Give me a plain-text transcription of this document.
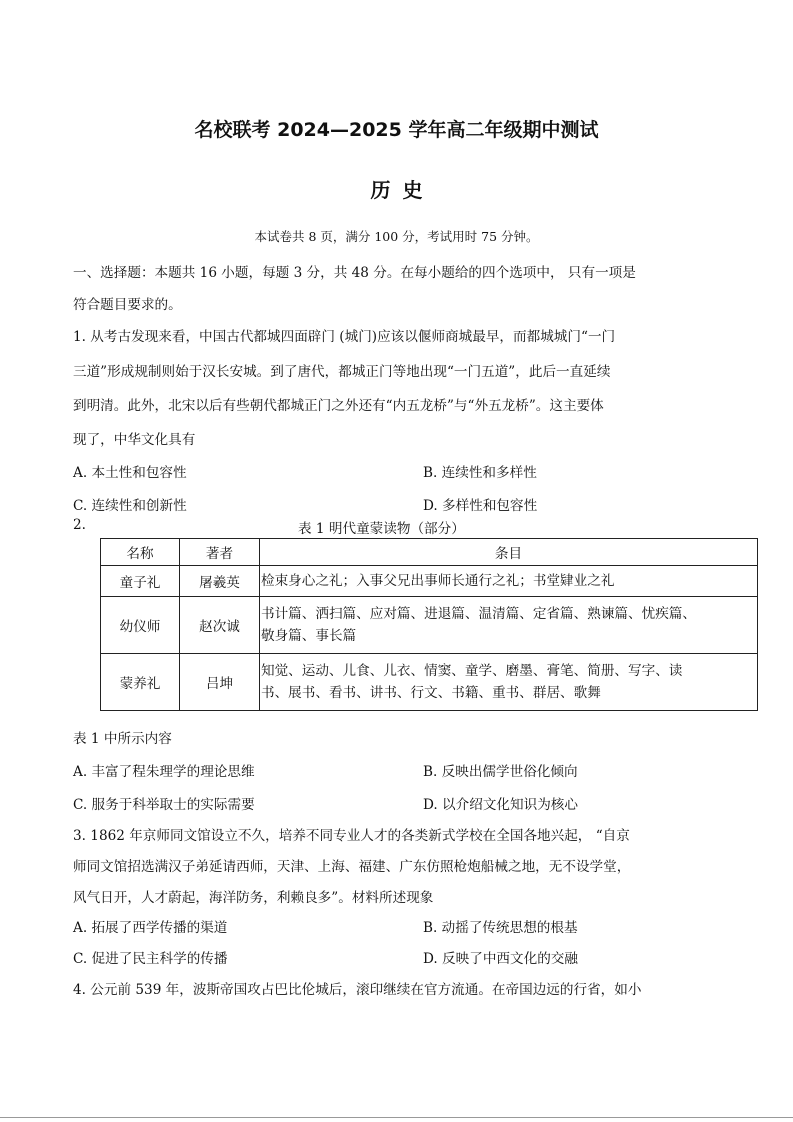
名校联考 2024—2025 学年高二年级期中测试
历史
本试卷共 8 页，满分 100 分，考试用时 75 分钟。
一、选择题：本题共 16 小题，每题 3 分，共 48 分。在每小题给的四个选项中， 只有一项是
符合题目要求的。
1. 从考古发现来看，中国古代都城四面辟门 (城门)应该以偃师商城最早，而都城城门“一门
三道”形成规制则始于汉长安城。到了唐代，都城正门等地出现“一门五道”，此后一直延续
到明清。此外，北宋以后有些朝代都城正门之外还有“内五龙桥”与“外五龙桥”。这主要体
现了，中华文化具有
A. 本土性和包容性	B. 连续性和多样性
C. 连续性和创新性	D. 多样性和包容性
2.	表 1 明代童蒙读物（部分）
名称	著者	条目
童子礼	屠羲英	检束身心之礼；入事父兄出事师长通行之礼；书堂肄业之礼

幼仪师	赵次诚	书计篇、洒扫篇、应对篇、进退篇、温清篇、定省篇、熟谏篇、忧疾篇、
敬身篇、事长篇

蒙养礼	吕坤	知觉、运动、儿食、儿衣、情窦、童学、磨墨、膏笔、简册、写字、读
书、展书、看书、讲书、行文、书籍、重书、群居、歌舞
表 1 中所示内容
A. 丰富了程朱理学的理论思维	B. 反映出儒学世俗化倾向
C. 服务于科举取士的实际需要	D. 以介绍文化知识为核心
3. 1862 年京师同文馆设立不久，培养不同专业人才的各类新式学校在全国各地兴起， “自京
师同文馆招选满汉子弟延请西师，天津、上海、福建、广东仿照枪炮船械之地，无不设学堂，
风气日开，人才蔚起，海洋防务，利赖良多”。材料所述现象
A. 拓展了西学传播的渠道	B. 动摇了传统思想的根基
C. 促进了民主科学的传播	D. 反映了中西文化的交融
4. 公元前 539 年，波斯帝国攻占巴比伦城后，滚印继续在官方流通。在帝国边远的行省，如小
